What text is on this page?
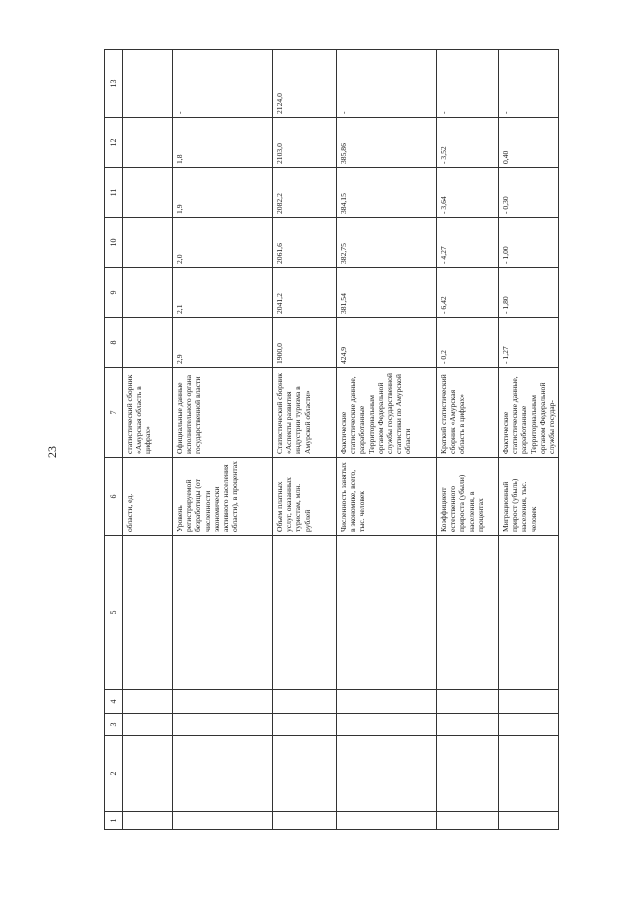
23
1	2	3	4	5	6	7	8	9	10	11	12	13
					области, ед.	статистический сборник «Амурская область в цифрах»						
					Уровень регистрируемой безработицы (от численности экономически активного населения области), в процентах	Официальные данные исполнительного органа государственной власти	2,9	2,1	2,0	1,9	1,8	-
					Объем платных услуг, оказанных туристам, млн. рублей	Статистический сборник «Аспекты развития индустрии туризма в Амурской области»	1900,0	2041,2	2061,6	2082,2	2103,0	2124,0
					Численность занятых в экономике, всего, тыс. человек	Фактические статистические данные, разработанные Территориальным органом Федеральной службы государственной статистики по Амурской области	424,9	381,54	382,75	384,15	385,86	-
					Коэффициент естественного прироста (убыли) населения, в процентах	Краткий статистический сборник «Амурская область в цифрах»	- 0,2	- 6,42	- 4,27	- 3,64	- 3,52	-
					Миграционный прирост (убыль) населения, тыс. человек	Фактические статистические данные, разработанные Территориальным органом Федеральной службы государ-	- 1,27	- 1,80	- 1,00	- 0,30	0,40	-
